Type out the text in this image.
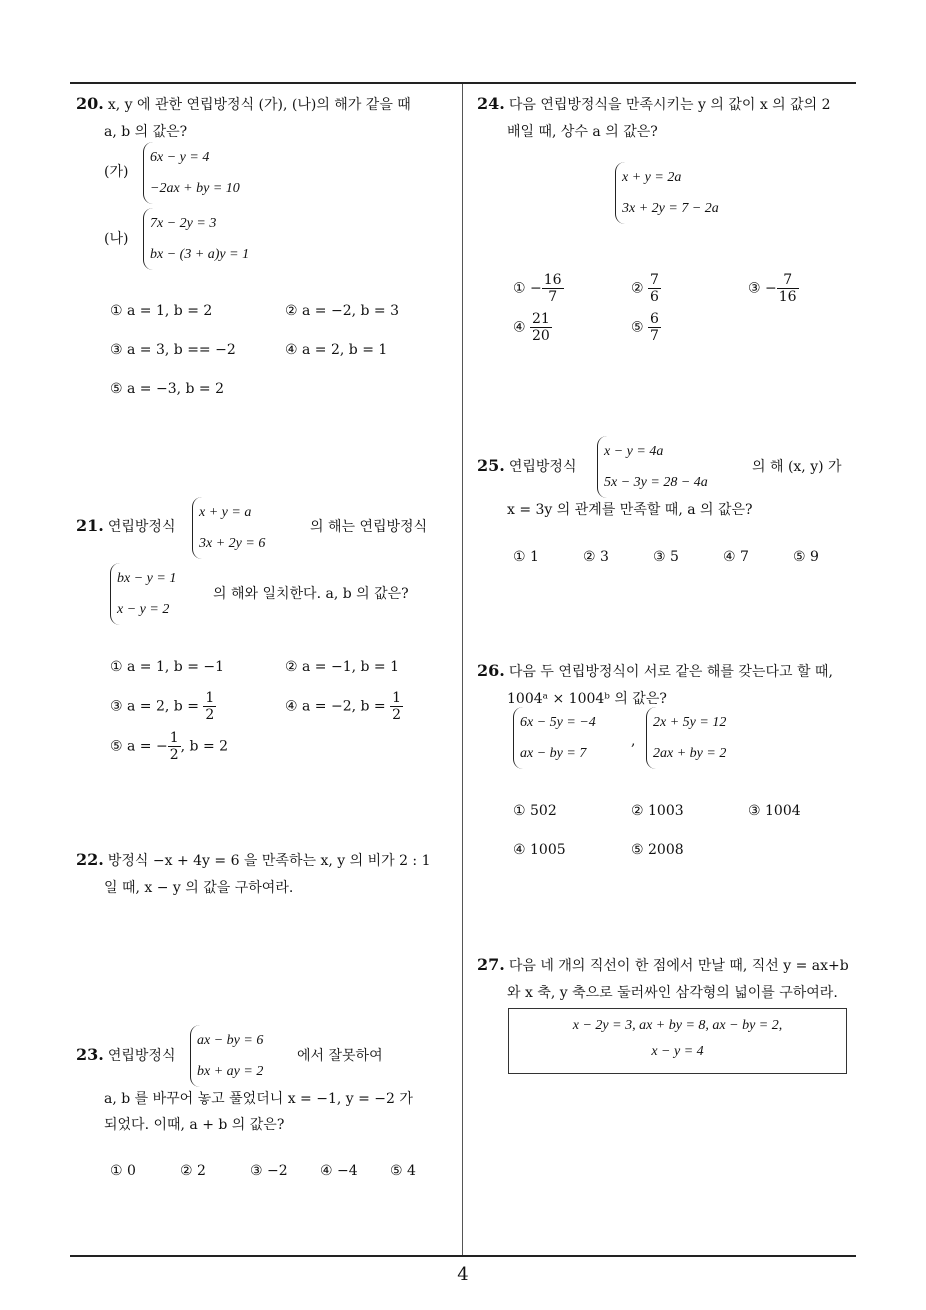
20. x, y 에 관한 연립방정식 (가), (나)의 해가 같을 때
a, b 의 값은?
(가)
6x − y = 4
−2ax + by = 10
(나)
7x − 2y = 3
bx − (3 + a)y = 1
① a = 1, b = 2	② a = −2, b = 3
③ a = 3, b == −2	④ a = 2, b = 1
⑤ a = −3, b = 2
21. 연립방정식
x + y = a
3x + 2y = 6
의 해는 연립방정식
bx − y = 1
x − y = 2
의 해와 일치한다. a, b 의 값은?
① a = 1, b = −1	② a = −1, b = 1
③ a = 2, $b = \frac{1}{2}$	④ a = −2, $b = \frac{1}{2}$
⑤ a = − $\frac{1}{2}$ , b = 2
22. 방정식 −x + 4y = 6 을 만족하는 x, y 의 비가 2 : 1
일 때, x − y 의 값을 구하여라.
23. 연립방정식
ax − by = 6
bx + ay = 2
에서 잘못하여
a, b 를 바꾸어 놓고 풀었더니 x = −1, y = −2 가
되었다. 이때, a + b 의 값은?
① 0	② 2	③ −2 ④ −4 ⑤ 4
24. 다음 연립방정식을 만족시키는 y 의 값이 x 의 값의 2
배일 때, 상수 a 의 값은?
x + y = 2a
3x + 2y = 7 − 2a
① − $\frac{16}{7}$	② $\frac{7}{6}$	③ − $\frac{7}{16}$
④ $\frac{21}{20}$	⑤ $\frac{6}{7}$
25. 연립방정식
x − y = 4a
5x − 3y = 28 − 4a
의 해 (x, y) 가
x = 3y 의 관계를 만족할 때, a 의 값은?
① 1	② 3	③ 5	④ 7	⑤ 9
26. 다음 두 연립방정식이 서로 같은 해를 갖는다고 할 때,
1004ᵃ × 1004ᵇ 의 값은?
6x − 5y = −4
ax − by = 7
,
2x + 5y = 12
2ax + by = 2
① 502	② 1003	③ 1004
④ 1005	⑤ 2008
27. 다음 네 개의 직선이 한 점에서 만날 때, 직선 y = ax+b
와 x 축, y 축으로 둘러싸인 삼각형의 넓이를 구하여라.
x − 2y = 3, ax + by = 8, ax − by = 2,
x − y = 4
4
